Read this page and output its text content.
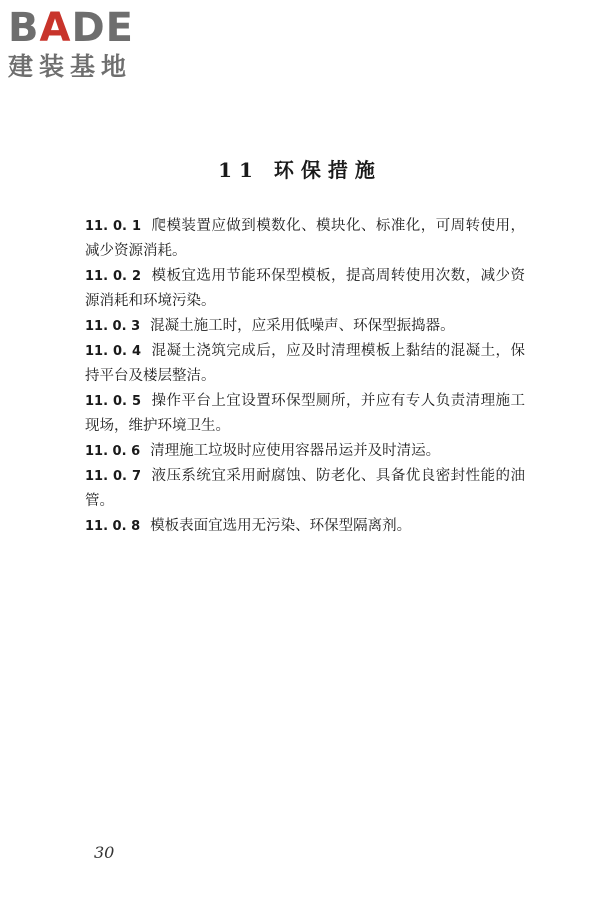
BADE
建装基地
11 环保措施

11. 0. 1 爬模装置应做到模数化、模块化、标准化，可周转使用，减少资源消耗。

11. 0. 2 模板宜选用节能环保型模板，提高周转使用次数，减少资源消耗和环境污染。

11. 0. 3 混凝土施工时，应采用低噪声、环保型振捣器。

11. 0. 4 混凝土浇筑完成后，应及时清理模板上黏结的混凝土，保持平台及楼层整洁。

11. 0. 5 操作平台上宜设置环保型厕所，并应有专人负责清理施工现场，维护环境卫生。

11. 0. 6 清理施工垃圾时应使用容器吊运并及时清运。

11. 0. 7 液压系统宜采用耐腐蚀、防老化、具备优良密封性能的油管。

11. 0. 8 模板表面宜选用无污染、环保型隔离剂。

30
